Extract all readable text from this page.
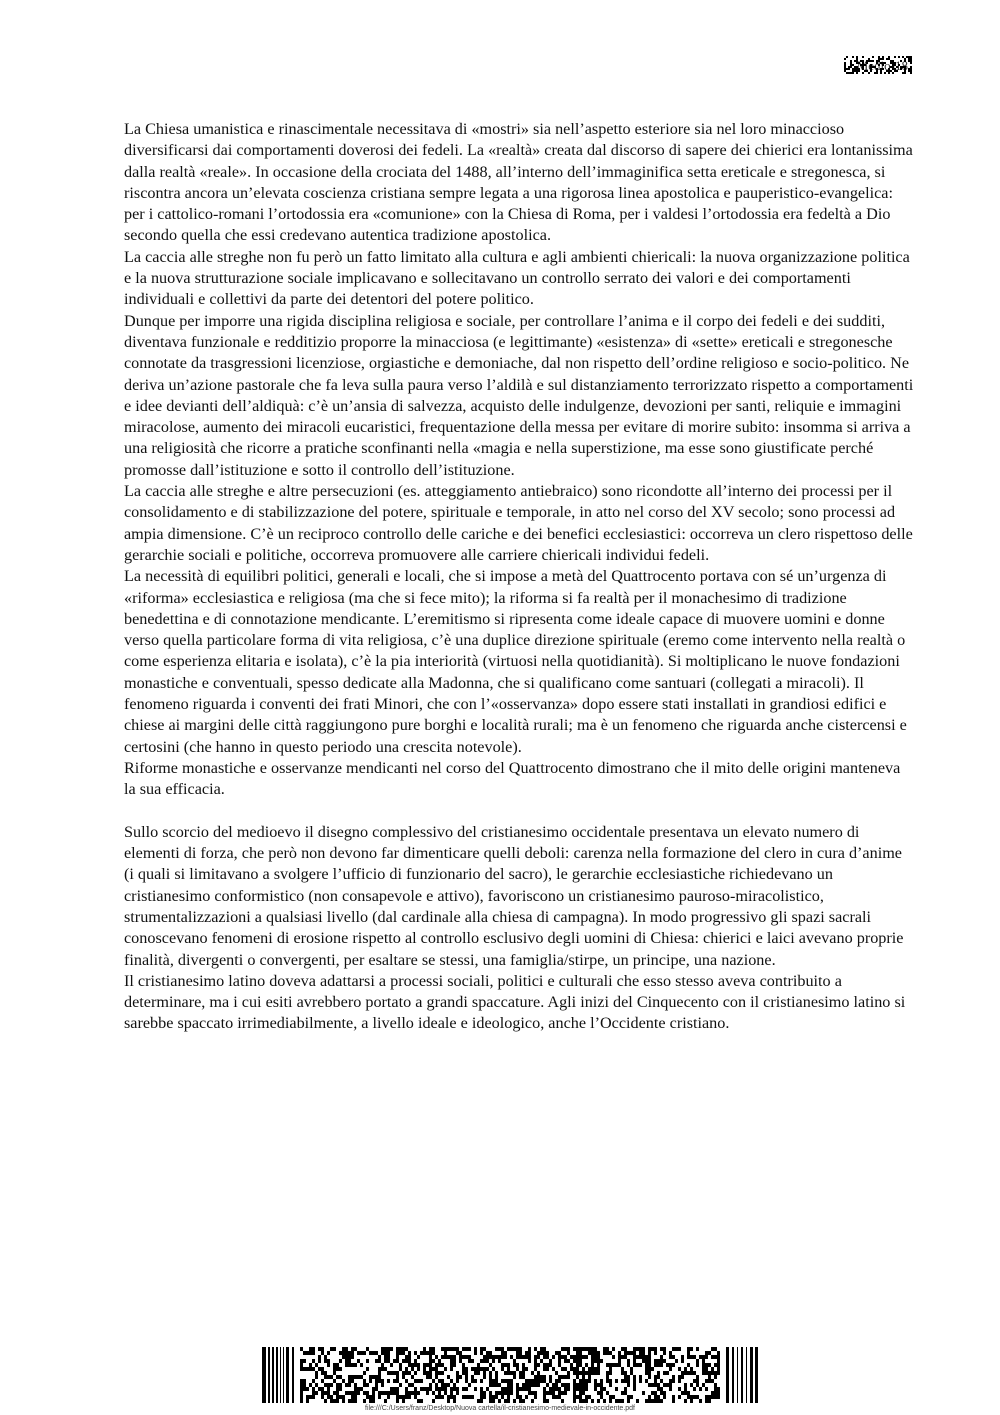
Medio-18

La Chiesa umanistica e rinascimentale necessitava di «mostri» sia nell’aspetto esteriore sia nel loro minaccioso diversificarsi dai comportamenti doverosi dei fedeli. La «realtà» creata dal discorso di sapere dei chierici era lontanissima dalla realtà «reale». In occasione della crociata del 1488, all’interno dell’immaginifica setta ereticale e stregonesca, si riscontra ancora un’elevata coscienza cristiana sempre legata a una rigorosa linea apostolica e pauperistico-evangelica: per i cattolico-romani l’ortodossia era «comunione» con la Chiesa di Roma, per i valdesi l’ortodossia era fedeltà a Dio secondo quella che essi credevano autentica tradizione apostolica.

La caccia alle streghe non fu però un fatto limitato alla cultura e agli ambienti chiericali: la nuova organizzazione politica e la nuova strutturazione sociale implicavano e sollecitavano un controllo serrato dei valori e dei comportamenti individuali e collettivi da parte dei detentori del potere politico.

Dunque per imporre una rigida disciplina religiosa e sociale, per controllare l’anima e il corpo dei fedeli e dei sudditi, diventava funzionale e redditizio proporre la minacciosa (e legittimante) «esistenza» di «sette» ereticali e stregonesche connotate da trasgressioni licenziose, orgiastiche e demoniache, dal non rispetto dell’ordine religioso e socio-politico. Ne deriva un’azione pastorale che fa leva sulla paura verso l’aldilà e sul distanziamento terrorizzato rispetto a comportamenti e idee devianti dell’aldiquà: c’è un’ansia di salvezza, acquisto delle indulgenze, devozioni per santi, reliquie e immagini miracolose, aumento dei miracoli eucaristici, frequentazione della messa per evitare di morire subito: insomma si arriva a una religiosità che ricorre a pratiche sconfinanti nella «magia e nella superstizione, ma esse sono giustificate perché promosse dall’istituzione e sotto il controllo dell’istituzione.

La caccia alle streghe e altre persecuzioni (es. atteggiamento antiebraico) sono ricondotte all’interno dei processi per il consolidamento e di stabilizzazione del potere, spirituale e temporale, in atto nel corso del XV secolo; sono processi ad ampia dimensione. C’è un reciproco controllo delle cariche e dei benefici ecclesiastici: occorreva un clero rispettoso delle gerarchie sociali e politiche, occorreva promuovere alle carriere chiericali individui fedeli.

La necessità di equilibri politici, generali e locali, che si impose a metà del Quattrocento portava con sé un’urgenza di «riforma» ecclesiastica e religiosa (ma che si fece mito); la riforma si fa realtà per il monachesimo di tradizione benedettina e di connotazione mendicante. L’eremitismo si ripresenta come ideale capace di muovere uomini e donne verso quella particolare forma di vita religiosa, c’è una duplice direzione spirituale (eremo come intervento nella realtà o come esperienza elitaria e isolata), c’è la pia interiorità (virtuosi nella quotidianità). Si moltiplicano le nuove fondazioni monastiche e conventuali, spesso dedicate alla Madonna, che si qualificano come santuari (collegati a miracoli). Il fenomeno riguarda i conventi dei frati Minori, che con l’«osservanza» dopo essere stati installati in grandiosi edifici e chiese ai margini delle città raggiungono pure borghi e località rurali; ma è un fenomeno che riguarda anche cistercensi e certosini (che hanno in questo periodo una crescita notevole).

Riforme monastiche e osservanze mendicanti nel corso del Quattrocento dimostrano che il mito delle origini manteneva la sua efficacia.

Sullo scorcio del medioevo il disegno complessivo del cristianesimo occidentale presentava un elevato numero di elementi di forza, che però non devono far dimenticare quelli deboli: carenza nella formazione del clero in cura d’anime (i quali si limitavano a svolgere l’ufficio di funzionario del sacro), le gerarchie ecclesiastiche richiedevano un cristianesimo conformistico (non consapevole e attivo), favoriscono un cristianesimo pauroso-miracolistico, strumentalizzazioni a qualsiasi livello (dal cardinale alla chiesa di campagna). In modo progressivo gli spazi sacrali conoscevano fenomeni di erosione rispetto al controllo esclusivo degli uomini di Chiesa: chierici e laici avevano proprie finalità, divergenti o convergenti, per esaltare se stessi, una famiglia/stirpe, un principe, una nazione.

Il cristianesimo latino doveva adattarsi a processi sociali, politici e culturali che esso stesso aveva contribuito a determinare, ma i cui esiti avrebbero portato a grandi spaccature. Agli inizi del Cinquecento con il cristianesimo latino si sarebbe spaccato irrimediabilmente, a livello ideale e ideologico, anche l’Occidente cristiano.

file:///C:/Users/franz/Desktop/Nuova cartella/il-cristianesimo-medievale-in-occidente.pdf
